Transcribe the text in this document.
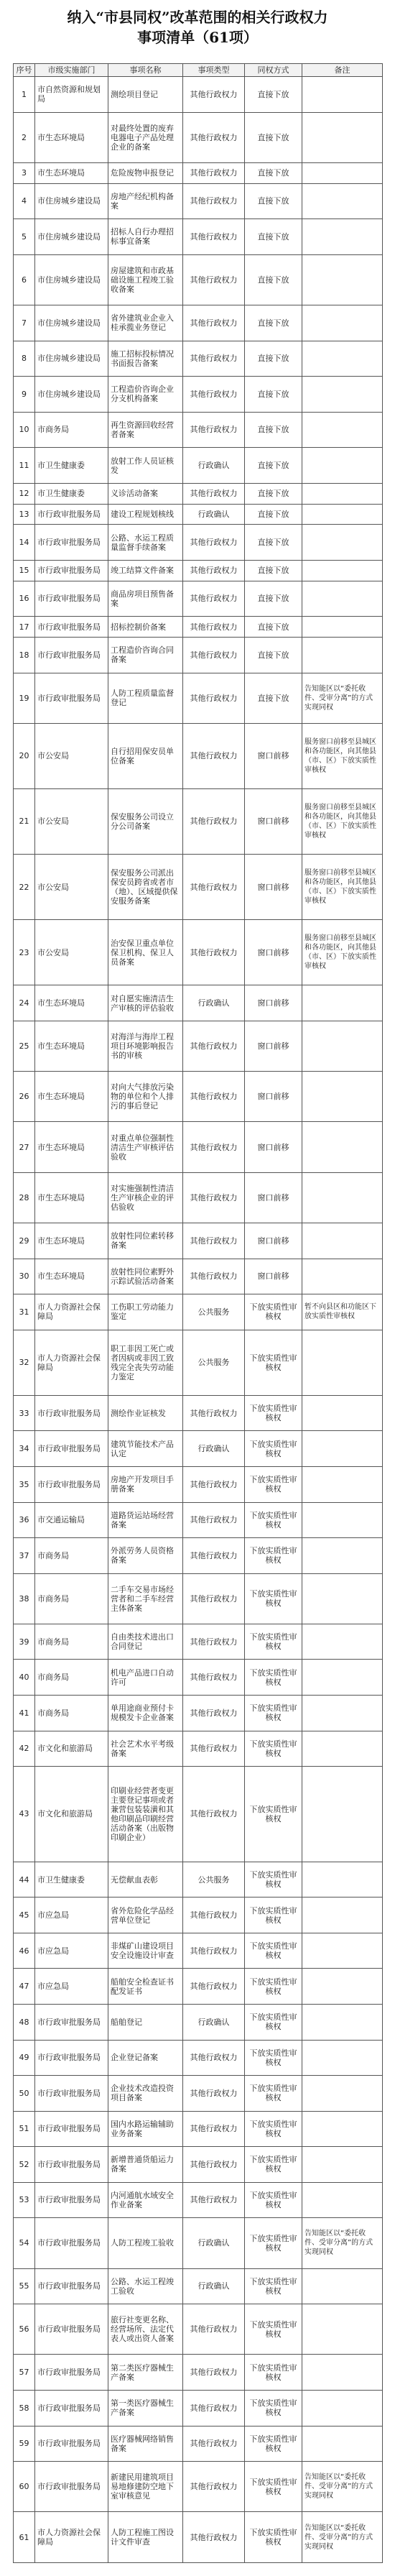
纳入“市县同权”改革范围的相关行政权力
事项清单（61项）
序号	市级实施部门	事项名称	事项类型	同权方式	备注
1	市自然资源和规划局	测绘项目登记	其他行政权力	直接下放	
2	市生态环境局	对最终处置的废弃电器电子产品处理企业的备案	其他行政权力	直接下放	
3	市生态环境局	危险废物申报登记	其他行政权力	直接下放	
4	市住房城乡建设局	房地产经纪机构备案	其他行政权力	直接下放	
5	市住房城乡建设局	招标人自行办理招标事宜备案	其他行政权力	直接下放	
6	市住房城乡建设局	房屋建筑和市政基础设施工程竣工验收备案	其他行政权力	直接下放	
7	市住房城乡建设局	省外建筑业企业入桂承揽业务登记	其他行政权力	直接下放	
8	市住房城乡建设局	施工招标投标情况书面报告备案	其他行政权力	直接下放	
9	市住房城乡建设局	工程造价咨询企业分支机构备案	其他行政权力	直接下放	
10	市商务局	再生资源回收经营者备案	其他行政权力	直接下放	
11	市卫生健康委	放射工作人员证核发	行政确认	直接下放	
12	市卫生健康委	义诊活动备案	其他行政权力	直接下放	
13	市行政审批服务局	建设工程规划核线	行政确认	直接下放	
14	市行政审批服务局	公路、水运工程质量监督手续备案	其他行政权力	直接下放	
15	市行政审批服务局	竣工结算文件备案	其他行政权力	直接下放	
16	市行政审批服务局	商品房项目预售备案	其他行政权力	直接下放	
17	市行政审批服务局	招标控制价备案	其他行政权力	直接下放	
18	市行政审批服务局	工程造价咨询合同备案	其他行政权力	直接下放	
19	市行政审批服务局	人防工程质量监督登记	其他行政权力	直接下放	告知能区以“委托收件、受审分离”的方式实现同权
20	市公安局	自行招用保安员单位备案	其他行政权力	窗口前移	服务窗口前移至县城区和各功能区，向其他县（市、区）下放实质性审核权
21	市公安局	保安服务公司设立分公司备案	其他行政权力	窗口前移	服务窗口前移至县城区和各功能区，向其他县（市、区）下放实质性审核权
22	市公安局	保安服务公司派出保安员跨省或者市（地）、区域提供保安服务备案	其他行政权力	窗口前移	服务窗口前移至县城区和各功能区，向其他县（市、区）下放实质性审核权
23	市公安局	治安保卫重点单位保卫机构、保卫人员备案	其他行政权力	窗口前移	服务窗口前移至县城区和各功能区，向其他县（市、区）下放实质性审核权
24	市生态环境局	对自愿实施清洁生产审核的评估验收	行政确认	窗口前移	
25	市生态环境局	对海洋与海岸工程项目环境影响报告书的审核	其他行政权力	窗口前移	
26	市生态环境局	对向大气排放污染物的单位和个人排污的事后登记	其他行政权力	窗口前移	
27	市生态环境局	对重点单位强制性清洁生产审核评估验收	其他行政权力	窗口前移	
28	市生态环境局	对实施强制性清洁生产审核企业的评估验收	其他行政权力	窗口前移	
29	市生态环境局	放射性同位素转移备案	其他行政权力	窗口前移	
30	市生态环境局	放射性同位素野外示踪试验活动备案	其他行政权力	窗口前移	
31	市人力资源社会保障局	工伤职工劳动能力鉴定	公共服务	下放实质性审核权	暂不向县区和功能区下放实质性审核权
32	市人力资源社会保障局	职工非因工死亡或者因病或非因工致残完全丧失劳动能力鉴定	公共服务	下放实质性审核权	
33	市行政审批服务局	测绘作业证核发	其他行政权力	下放实质性审核权	
34	市行政审批服务局	建筑节能技术产品认定	行政确认	下放实质性审核权	
35	市行政审批服务局	房地产开发项目手册备案	其他行政权力	下放实质性审核权	
36	市交通运输局	道路货运站场经营备案	其他行政权力	下放实质性审核权	
37	市商务局	外派劳务人员资格备案	其他行政权力	下放实质性审核权	
38	市商务局	二手车交易市场经营者和二手车经营主体备案	其他行政权力	下放实质性审核权	
39	市商务局	自由类技术进出口合同登记	其他行政权力	下放实质性审核权	
40	市商务局	机电产品进口自动许可	其他行政权力	下放实质性审核权	
41	市商务局	单用途商业预付卡规模发卡企业备案	其他行政权力	下放实质性审核权	
42	市文化和旅游局	社会艺术水平考级备案	其他行政权力	下放实质性审核权	
43	市文化和旅游局	印刷业经营者变更主要登记事项或者兼营包装装潢和其他印刷品印刷经营活动备案（出版物印刷企业）	其他行政权力	下放实质性审核权	
44	市卫生健康委	无偿献血表彰	公共服务	下放实质性审核权	
45	市应急局	省外危险化学品经营单位登记	其他行政权力	下放实质性审核权	
46	市应急局	非煤矿山建设项目安全设施设计审查	其他行政权力	下放实质性审核权	
47	市应急局	船舶安全检查证书配发证书	其他行政权力	下放实质性审核权	
48	市行政审批服务局	船舶登记	行政确认	下放实质性审核权	
49	市行政审批服务局	企业登记备案	其他行政权力	下放实质性审核权	
50	市行政审批服务局	企业技术改造投资项目备案	其他行政权力	下放实质性审核权	
51	市行政审批服务局	国内水路运输辅助业务备案	其他行政权力	下放实质性审核权	
52	市行政审批服务局	新增普通货船运力备案	其他行政权力	下放实质性审核权	
53	市行政审批服务局	内河通航水域安全作业备案	其他行政权力	下放实质性审核权	
54	市行政审批服务局	人防工程竣工验收	行政确认	下放实质性审核权	告知能区以“委托收件、受审分离”的方式实现同权
55	市行政审批服务局	公路、水运工程竣工验收	行政确认	下放实质性审核权	
56	市行政审批服务局	旅行社变更名称、经营场所、法定代表人或出资人备案	其他行政权力	下放实质性审核权	
57	市行政审批服务局	第二类医疗器械生产备案	其他行政权力	下放实质性审核权	
58	市行政审批服务局	第一类医疗器械生产备案	其他行政权力	下放实质性审核权	
59	市行政审批服务局	医疗器械网络销售备案	其他行政权力	下放实质性审核权	
60	市行政审批服务局	新建民用建筑项目易地修建防空地下室审核意见	其他行政权力	下放实质性审核权	告知能区以“委托收件、受审分离”的方式实现同权
61	市人力资源社会保障局	人防工程施工图设计文件审查	其他行政权力	下放实质性审核权	告知能区以“委托收件、受审分离”的方式实现同权
